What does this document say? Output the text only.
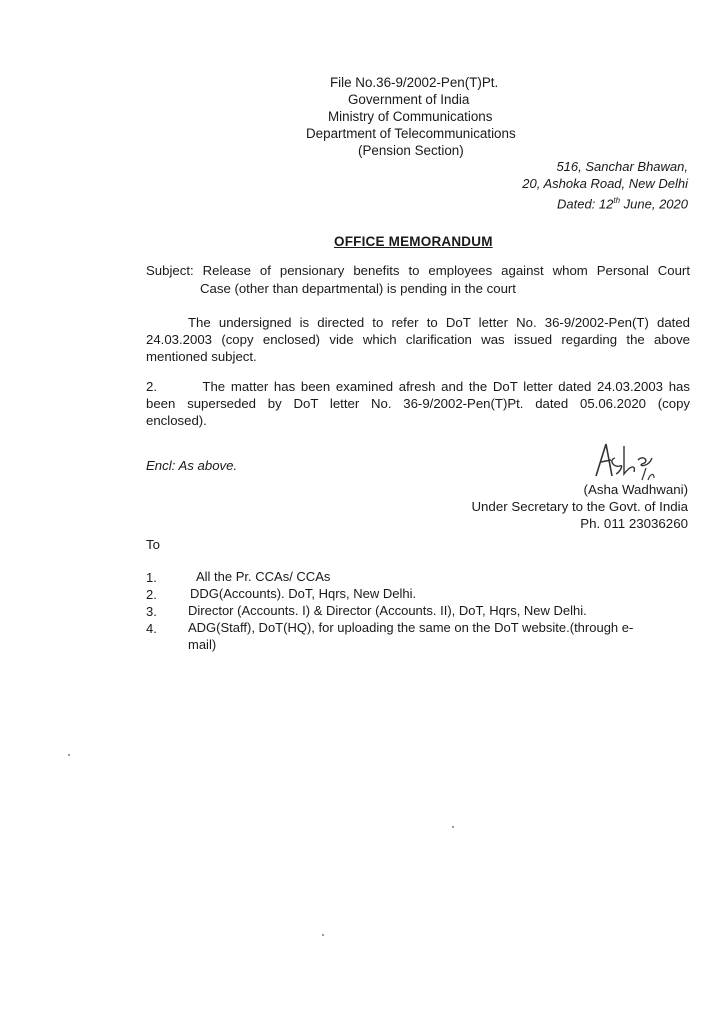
File No.36-9/2002-Pen(T)Pt.
Government of India
Ministry of Communications
Department of Telecommunications
(Pension Section)
516, Sanchar Bhawan,
20, Ashoka Road, New Delhi
Dated: 12th June, 2020
OFFICE MEMORANDUM
Subject: Release of pensionary benefits to employees against whom Personal Court
Case (other than departmental) is pending in the court
The undersigned is directed to refer to DoT letter No. 36-9/2002-Pen(T) dated
24.03.2003 (copy enclosed) vide which clarification was issued regarding the above
mentioned subject.
2.        The matter has been examined afresh and the DoT letter dated 24.03.2003 has
been superseded by DoT letter No. 36-9/2002-Pen(T)Pt. dated 05.06.2020 (copy
enclosed).
Encl: As above.
(Asha Wadhwani)
Under Secretary to the Govt. of India
Ph. 011 23036260
To
1.	All the Pr. CCAs/ CCAs
2.	DDG(Accounts). DoT, Hqrs, New Delhi.
3. Director (Accounts. I) & Director (Accounts. II), DoT, Hqrs, New Delhi.
4. ADG(Staff), DoT(HQ), for uploading the same on the DoT website.(through e-
mail)
